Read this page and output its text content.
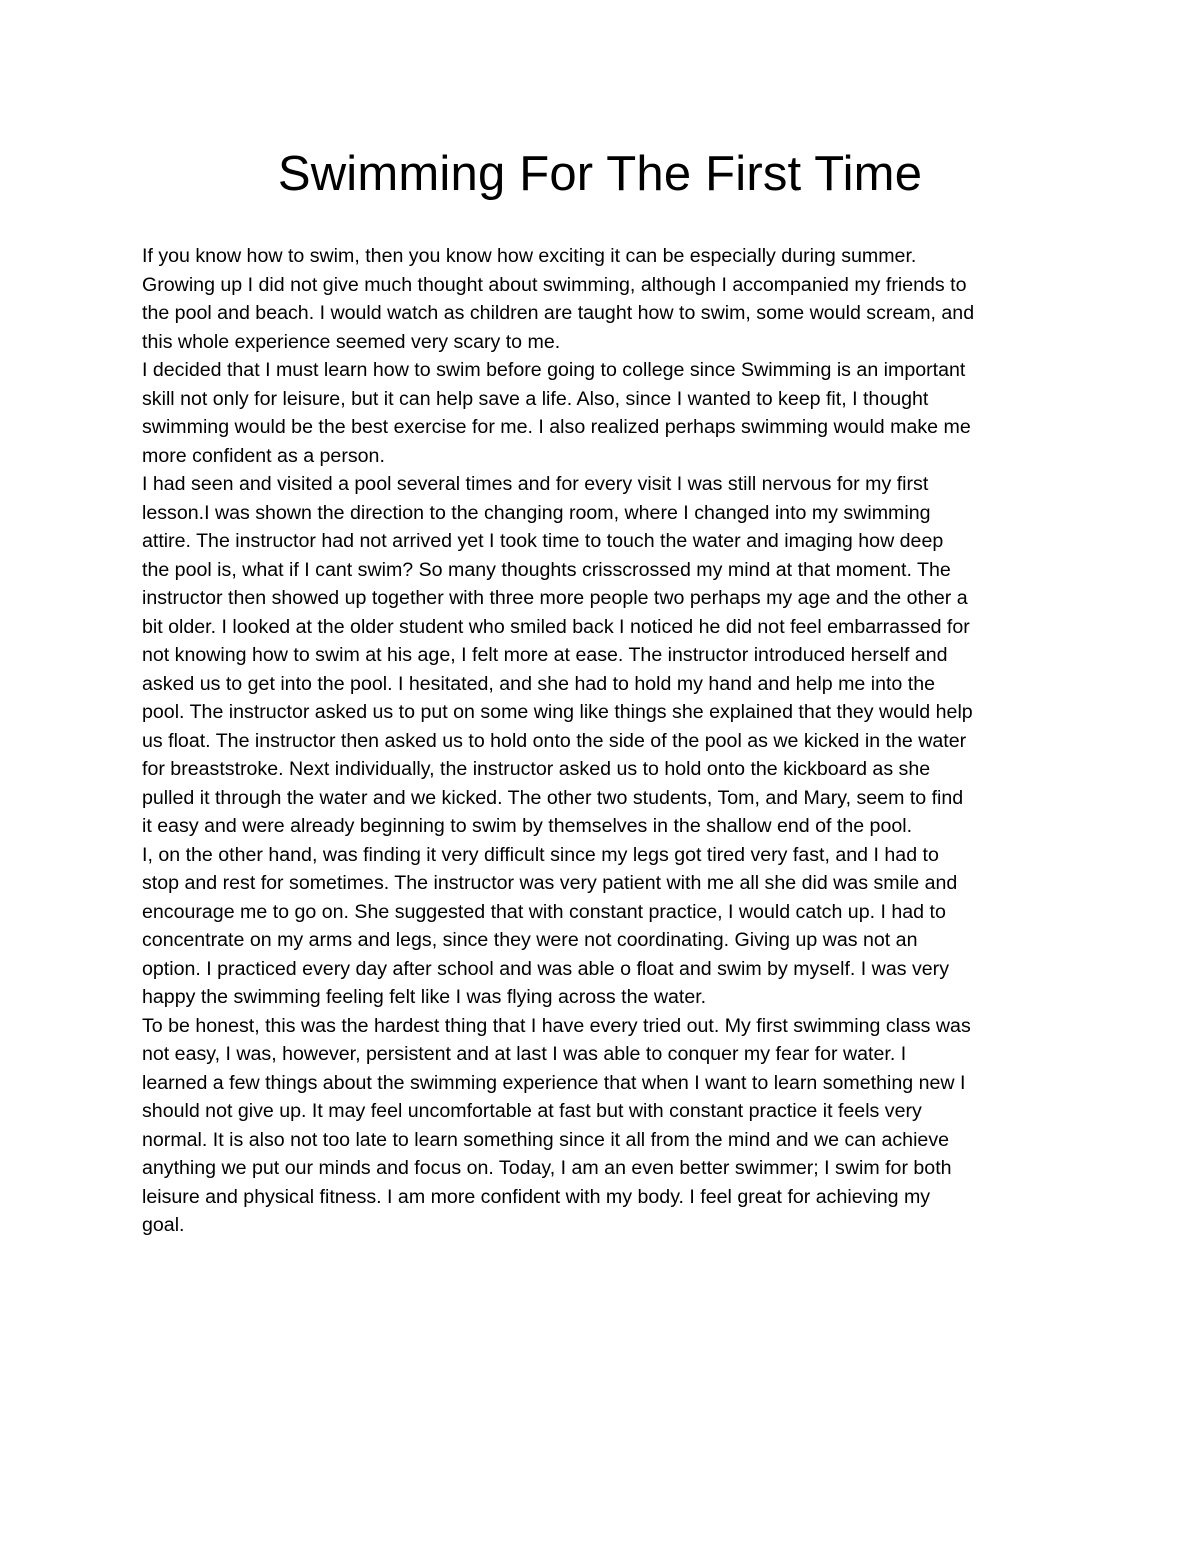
Swimming For The First Time
If you know how to swim, then you know how exciting it can be especially during summer.
Growing up I did not give much thought about swimming, although I accompanied my friends to
the pool and beach. I would watch as children are taught how to swim, some would scream, and
this whole experience seemed very scary to me.
I decided that I must learn how to swim before going to college since Swimming is an important
skill not only for leisure, but it can help save a life. Also, since I wanted to keep fit, I thought
swimming would be the best exercise for me. I also realized perhaps swimming would make me
more confident as a person.
I had seen and visited a pool several times and for every visit I was still nervous for my first
lesson.I was shown the direction to the changing room, where I changed into my swimming
attire. The instructor had not arrived yet I took time to touch the water and imaging how deep
the pool is, what if I cant swim? So many thoughts crisscrossed my mind at that moment. The
instructor then showed up together with three more people two perhaps my age and the other a
bit older. I looked at the older student who smiled back I noticed he did not feel embarrassed for
not knowing how to swim at his age, I felt more at ease. The instructor introduced herself and
asked us to get into the pool. I hesitated, and she had to hold my hand and help me into the
pool. The instructor asked us to put on some wing like things she explained that they would help
us float. The instructor then asked us to hold onto the side of the pool as we kicked in the water
for breaststroke. Next individually, the instructor asked us to hold onto the kickboard as she
pulled it through the water and we kicked. The other two students, Tom, and Mary, seem to find
it easy and were already beginning to swim by themselves in the shallow end of the pool.
I, on the other hand, was finding it very difficult since my legs got tired very fast, and I had to
stop and rest for sometimes. The instructor was very patient with me all she did was smile and
encourage me to go on. She suggested that with constant practice, I would catch up. I had to
concentrate on my arms and legs, since they were not coordinating. Giving up was not an
option. I practiced every day after school and was able o float and swim by myself. I was very
happy the swimming feeling felt like I was flying across the water.
To be honest, this was the hardest thing that I have every tried out. My first swimming class was
not easy, I was, however, persistent and at last I was able to conquer my fear for water. I
learned a few things about the swimming experience that when I want to learn something new I
should not give up. It may feel uncomfortable at fast but with constant practice it feels very
normal. It is also not too late to learn something since it all from the mind and we can achieve
anything we put our minds and focus on. Today, I am an even better swimmer; I swim for both
leisure and physical fitness. I am more confident with my body. I feel great for achieving my
goal.
